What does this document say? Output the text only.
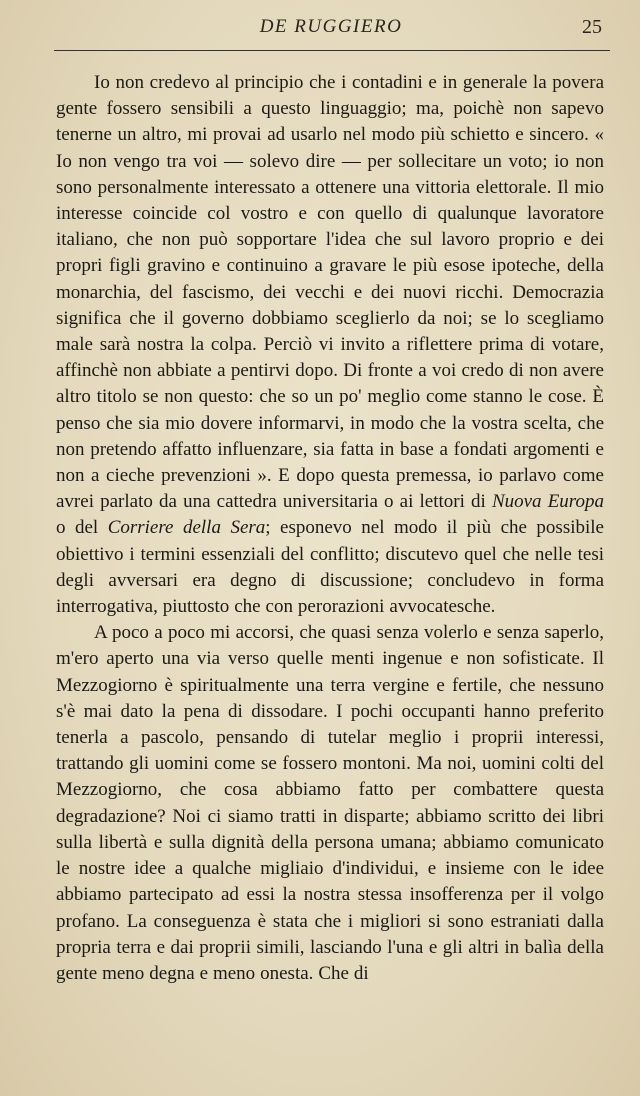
DE RUGGIERO	25

Io non credevo al principio che i contadini e in generale la povera gente fossero sensibili a questo linguaggio; ma, poichè non sapevo tenerne un altro, mi provai ad usarlo nel modo più schietto e sincero. « Io non vengo tra voi — solevo dire — per sollecitare un voto; io non sono personalmente interessato a ottenere una vittoria elettorale. Il mio interesse coincide col vostro e con quello di qualunque lavoratore italiano, che non può sopportare l'idea che sul lavoro proprio e dei propri figli gravino e continuino a gravare le più esose ipoteche, della monarchia, del fascismo, dei vecchi e dei nuovi ricchi. Democrazia significa che il governo dobbiamo sceglierlo da noi; se lo scegliamo male sarà nostra la colpa. Perciò vi invito a riflettere prima di votare, affinchè non abbiate a pentirvi dopo. Di fronte a voi credo di non avere altro titolo se non questo: che so un po' meglio come stanno le cose. È penso che sia mio dovere informarvi, in modo che la vostra scelta, che non pretendo affatto influenzare, sia fatta in base a fondati argomenti e non a cieche prevenzioni ». E dopo questa premessa, io parlavo come avrei parlato da una cattedra universitaria o ai lettori di Nuova Europa o del Corriere della Sera; esponevo nel modo il più che possibile obiettivo i termini essenziali del conflitto; discutevo quel che nelle tesi degli avversari era degno di discussione; concludevo in forma interrogativa, piuttosto che con perorazioni avvocatesche.

A poco a poco mi accorsi, che quasi senza volerlo e senza saperlo, m'ero aperto una via verso quelle menti ingenue e non sofisticate. Il Mezzogiorno è spiritualmente una terra vergine e fertile, che nessuno s'è mai dato la pena di dissodare. I pochi occupanti hanno preferito tenerla a pascolo, pensando di tutelar meglio i proprii interessi, trattando gli uomini come se fossero montoni. Ma noi, uomini colti del Mezzogiorno, che cosa abbiamo fatto per combattere questa degradazione? Noi ci siamo tratti in disparte; abbiamo scritto dei libri sulla libertà e sulla dignità della persona umana; abbiamo comunicato le nostre idee a qualche migliaio d'individui, e insieme con le idee abbiamo partecipato ad essi la nostra stessa insofferenza per il volgo profano. La conseguenza è stata che i migliori si sono estraniati dalla propria terra e dai proprii simili, lasciando l'una e gli altri in balìa della gente meno degna e meno onesta. Che di
